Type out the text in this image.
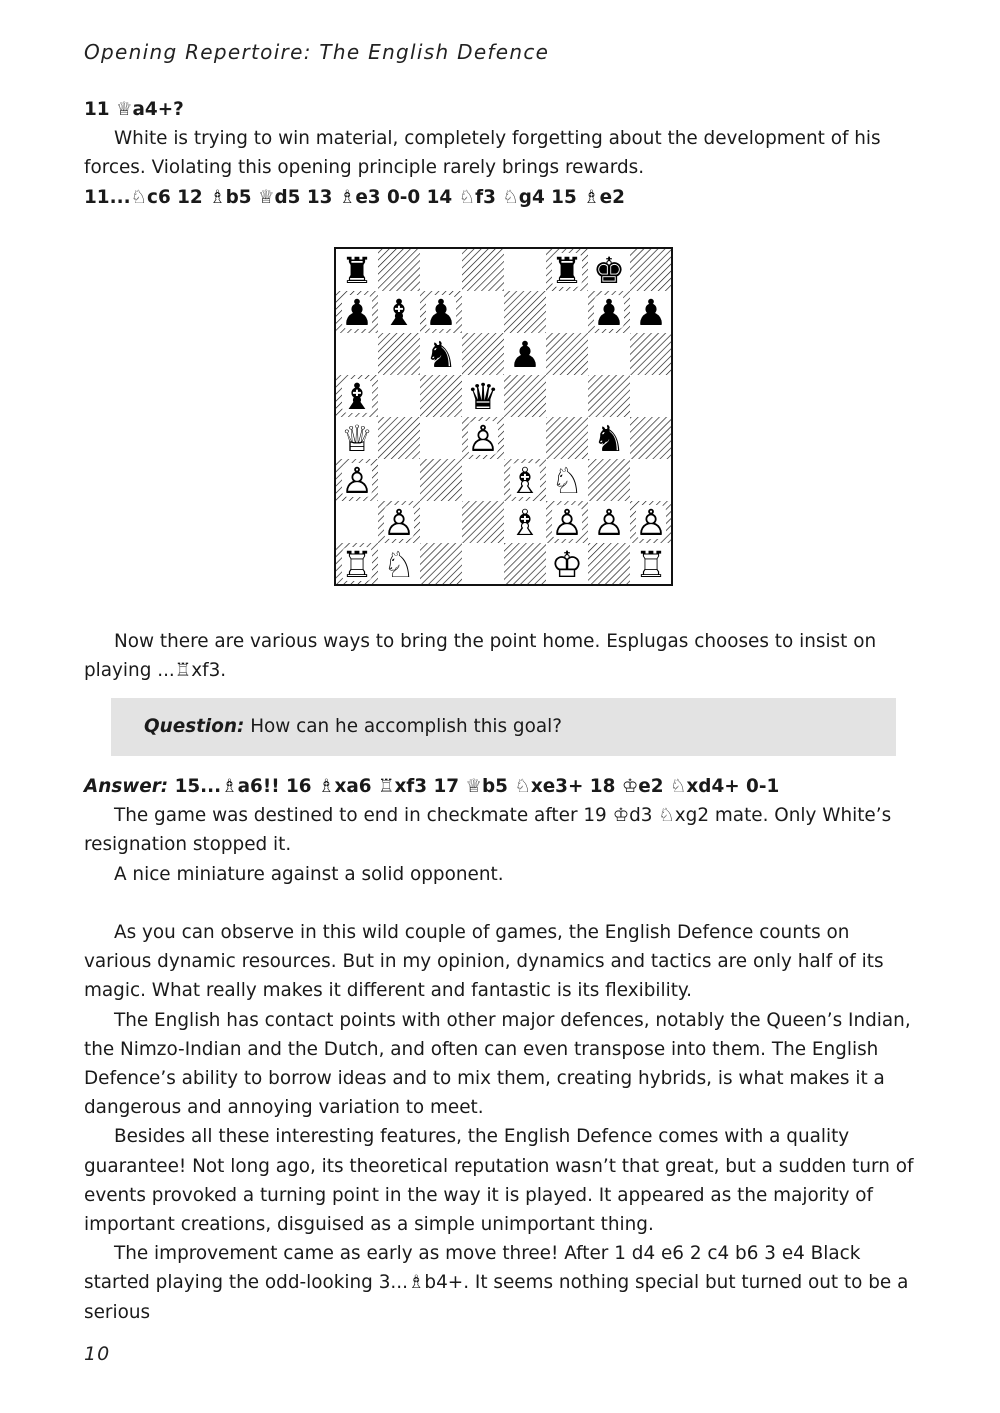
Opening Repertoire: The English Defence

11 ♕a4+?

White is trying to win material, completely forgetting about the development of his forces. Violating this opening principle rarely brings rewards.

11...♘c6 12 ♗b5 ♕d5 13 ♗e3 0-0 14 ♘f3 ♘g4 15 ♗e2

♜	♜ ♚
♟ ♝ ♟	♟ ♟
♞ ♟
♝	♛
♕	♙	♞
♙	♗ ♘
♙	♗ ♙ ♙ ♙
♖ ♘	♔ ♖

Now there are various ways to bring the point home. Esplugas chooses to insist on playing ...♖xf3.

Question: How can he accomplish this goal?

Answer: 15...♗a6!! 16 ♗xa6 ♖xf3 17 ♕b5 ♘xe3+ 18 ♔e2 ♘xd4+ 0-1

The game was destined to end in checkmate after 19 ♔d3 ♘xg2 mate. Only White’s resignation stopped it.

A nice miniature against a solid opponent.

As you can observe in this wild couple of games, the English Defence counts on various dynamic resources. But in my opinion, dynamics and tactics are only half of its magic. What really makes it different and fantastic is its flexibility.

The English has contact points with other major defences, notably the Queen’s Indian, the Nimzo-Indian and the Dutch, and often can even transpose into them. The English Defence’s ability to borrow ideas and to mix them, creating hybrids, is what makes it a dangerous and annoying variation to meet.

Besides all these interesting features, the English Defence comes with a quality guarantee! Not long ago, its theoretical reputation wasn’t that great, but a sudden turn of events provoked a turning point in the way it is played. It appeared as the majority of important creations, disguised as a simple unimportant thing.

The improvement came as early as move three! After 1 d4 e6 2 c4 b6 3 e4 Black started playing the odd-looking 3...♗b4+. It seems nothing special but turned out to be a serious

10
